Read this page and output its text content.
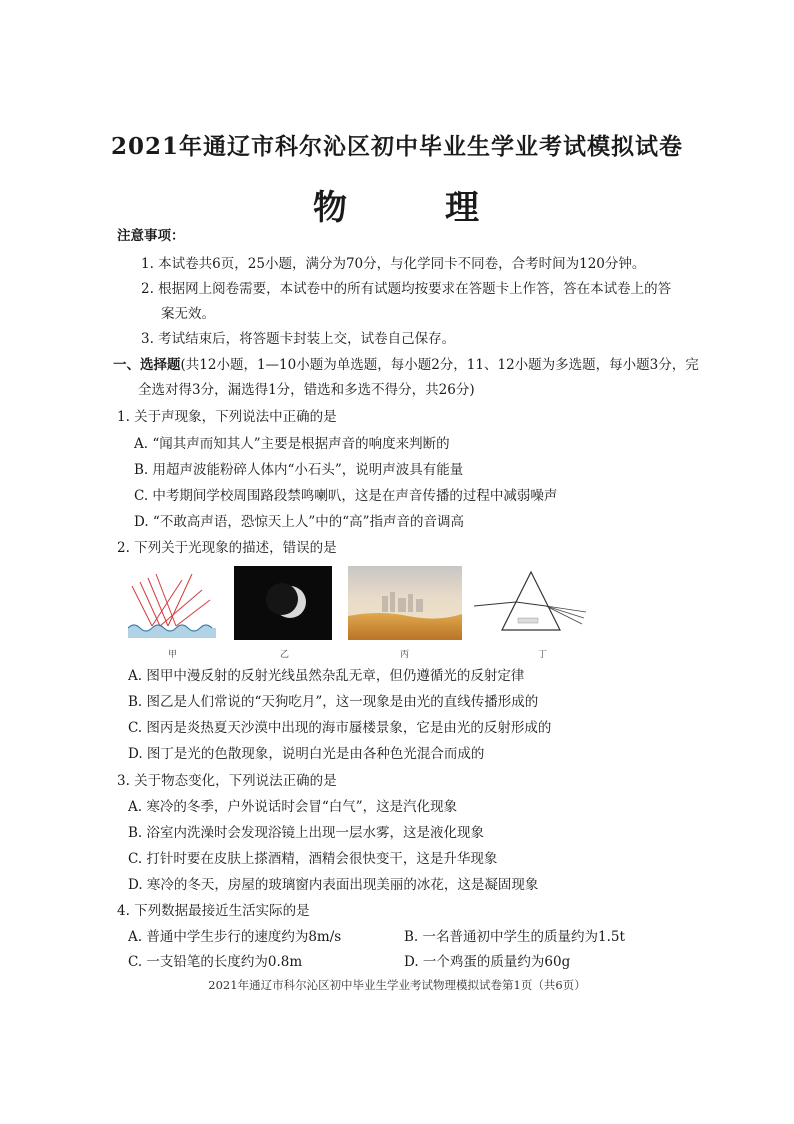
2021年通辽市科尔沁区初中毕业生学业考试模拟试卷
物	理
注意事项：
1. 本试卷共6页，25小题，满分为70分，与化学同卡不同卷，合考时间为120分钟。
2. 根据网上阅卷需要，本试卷中的所有试题均按要求在答题卡上作答，答在本试卷上的答
案无效。
3. 考试结束后，将答题卡封装上交，试卷自己保存。
一、选择题(共12小题，1—10小题为单选题，每小题2分，11、12小题为多选题，每小题3分，完
全选对得3分，漏选得1分，错选和多选不得分，共26分)
1. 关于声现象，下列说法中正确的是
A. “闻其声而知其人”主要是根据声音的响度来判断的
B. 用超声波能粉碎人体内“小石头”，说明声波具有能量
C. 中考期间学校周围路段禁鸣喇叭，这是在声音传播的过程中减弱噪声
D. “不敢高声语，恐惊天上人”中的“高”指声音的音调高
2. 下列关于光现象的描述，错误的是
甲	乙	丙	丁
A. 图甲中漫反射的反射光线虽然杂乱无章，但仍遵循光的反射定律
B. 图乙是人们常说的“天狗吃月”，这一现象是由光的直线传播形成的
C. 图丙是炎热夏天沙漠中出现的海市蜃楼景象，它是由光的反射形成的
D. 图丁是光的色散现象，说明白光是由各种色光混合而成的
3. 关于物态变化，下列说法正确的是
A. 寒冷的冬季，户外说话时会冒“白气”，这是汽化现象
B. 浴室内洗澡时会发现浴镜上出现一层水雾，这是液化现象
C. 打针时要在皮肤上搽酒精，酒精会很快变干，这是升华现象
D. 寒冷的冬天，房屋的玻璃窗内表面出现美丽的冰花，这是凝固现象
4. 下列数据最接近生活实际的是
A. 普通中学生步行的速度约为8m/s	B. 一名普通初中学生的质量约为1.5t
C. 一支铅笔的长度约为0.8m	D. 一个鸡蛋的质量约为60g
2021年通辽市科尔沁区初中毕业生学业考试物理模拟试卷第1页（共6页）
